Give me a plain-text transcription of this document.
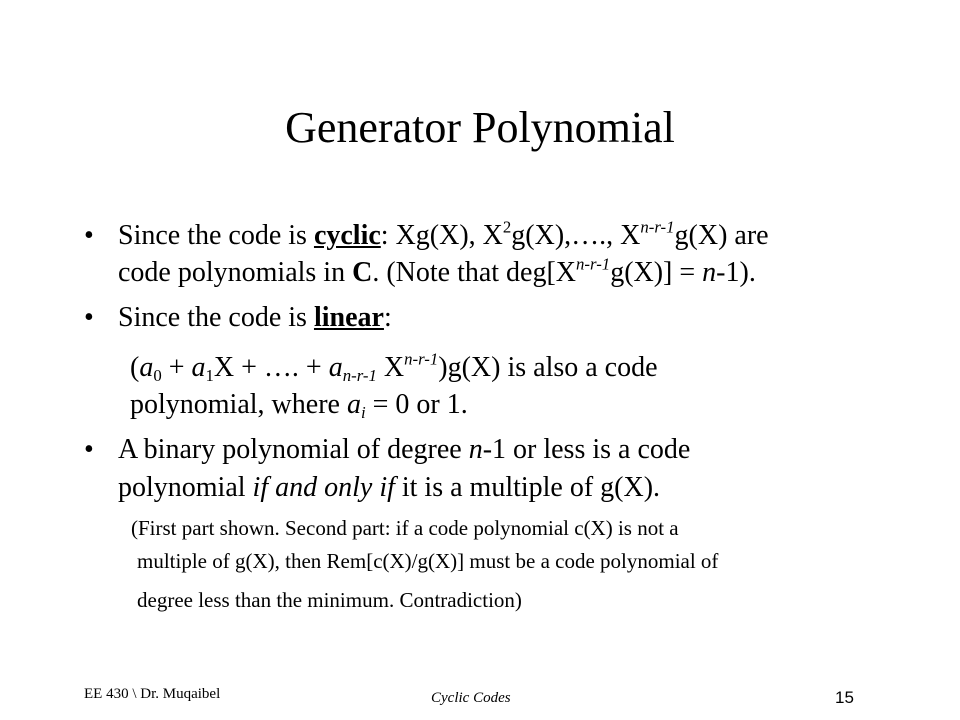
Generator Polynomial
• Since the code is cyclic: Xg(X), $X^2g(X),\dots$., $X^{n-r-1}g(X)$ are
code polynomials in C. (Note that $deg[X^{n-r-1}g(X)] = n-1$).
• Since the code is linear:
($a_0 + a_1X$ + …. + $a_{n-r-1}$ $X^{n-r-1})g(X)$ is also a code
polynomial, where $a_i = 0$ or 1.
• A binary polynomial of degree n-1 or less is a code
polynomial if and only if it is a multiple of g(X).
(First part shown. Second part: if a code polynomial c(X) is not a
multiple of g(X), then Rem[c(X)/g(X)] must be a code polynomial of
degree less than the minimum. Contradiction)
EE 430 \ Dr. Muqaibel	Cyclic Codes	15
